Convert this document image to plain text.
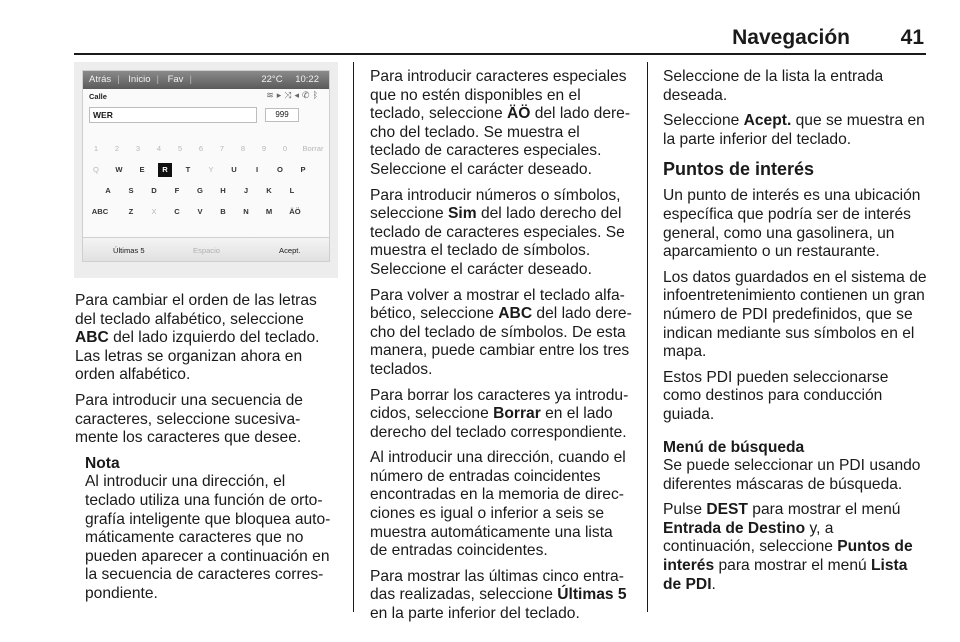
Navegación 41
Atrás | Inicio | Fav |	22°C 10:22
Calle	≋▸⤨◂✆ᛒ
WER	999
1	2	3	4	5	6	7	8	9	0	Borrar
Q	W	E	R	T	Y	U	I	O	P
A	S	D	F	G	H	J	K	L
ABC	Z	X	C	V	B	N	M	ÄÖ
Últimas 5	Espacio	Acept.

Para cambiar el orden de las letras del teclado alfabético, seleccione ABC del lado izquierdo del teclado. Las letras se organizan ahora en orden alfabético.

Para introducir una secuencia de caracteres, seleccione sucesivamente los caracteres que desee.

Nota
Al introducir una dirección, el teclado utiliza una función de ortografía inteligente que bloquea automáticamente caracteres que no pueden aparecer a continuación en la secuencia de caracteres correspondiente.

Para introducir caracteres especiales que no estén disponibles en el teclado, seleccione ÄÖ del lado derecho del teclado. Se muestra el teclado de caracteres especiales. Seleccione el carácter deseado.

Para introducir números o símbolos, seleccione Sim del lado derecho del teclado de caracteres especiales. Se muestra el teclado de símbolos. Seleccione el carácter deseado.

Para volver a mostrar el teclado alfabético, seleccione ABC del lado derecho del teclado de símbolos. De esta manera, puede cambiar entre los tres teclados.

Para borrar los caracteres ya introducidos, seleccione Borrar en el lado derecho del teclado correspondiente.

Al introducir una dirección, cuando el número de entradas coincidentes encontradas en la memoria de direcciones es igual o inferior a seis se muestra automáticamente una lista de entradas coincidentes.

Para mostrar las últimas cinco entradas realizadas, seleccione Últimas 5 en la parte inferior del teclado.

Seleccione de la lista la entrada deseada.

Seleccione Acept. que se muestra en la parte inferior del teclado.

Puntos de interés

Un punto de interés es una ubicación específica que podría ser de interés general, como una gasolinera, un aparcamiento o un restaurante.

Los datos guardados en el sistema de infoentretenimiento contienen un gran número de PDI predefinidos, que se indican mediante sus símbolos en el mapa.

Estos PDI pueden seleccionarse como destinos para conducción guiada.

Menú de búsqueda

Se puede seleccionar un PDI usando diferentes máscaras de búsqueda.

Pulse DEST para mostrar el menú Entrada de Destino y, a continuación, seleccione Puntos de interés para mostrar el menú Lista de PDI.
